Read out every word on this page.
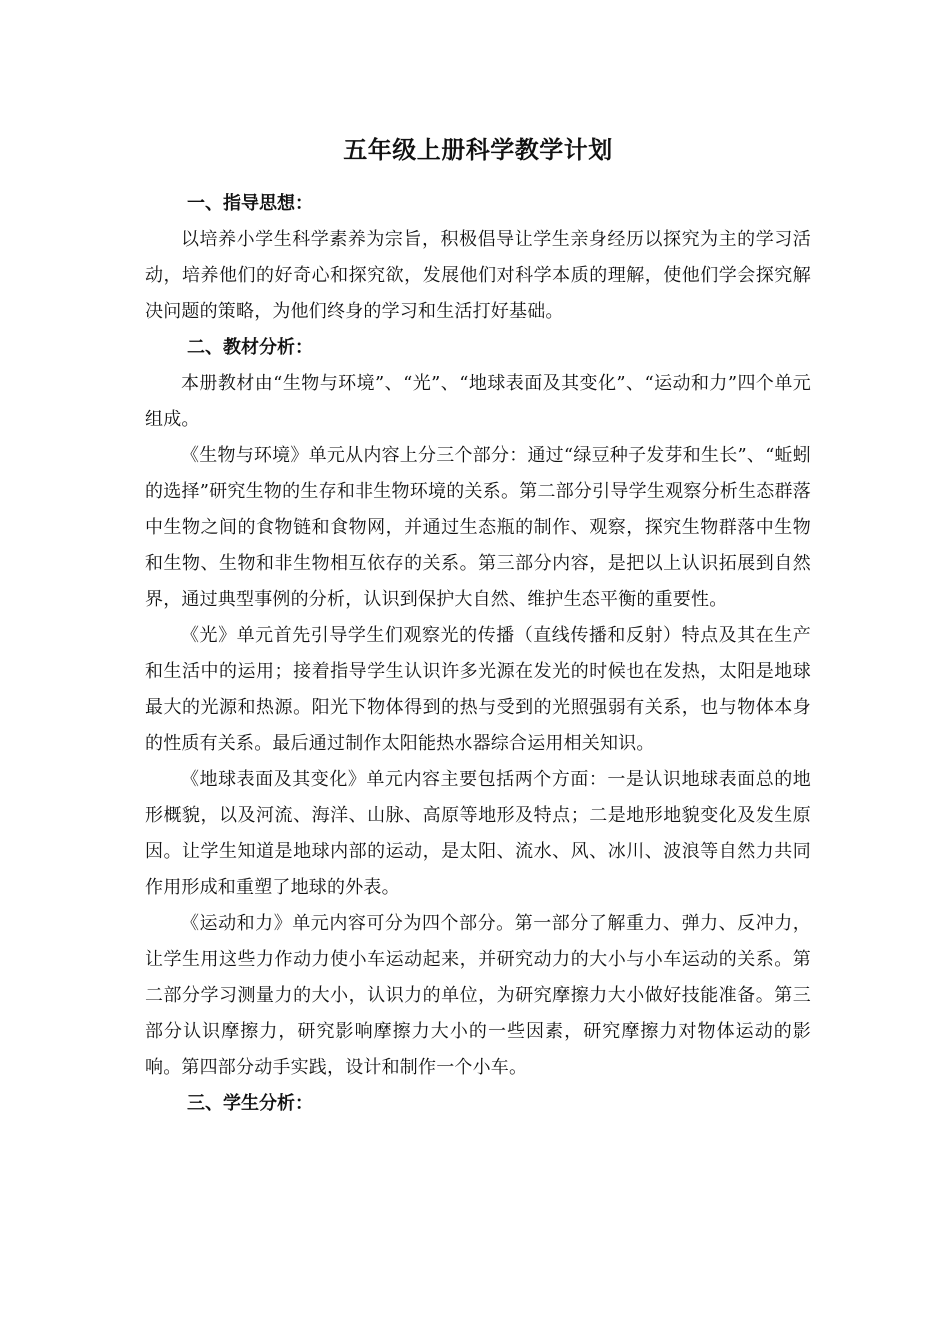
五年级上册科学教学计划
一、指导思想：

以培养小学生科学素养为宗旨，积极倡导让学生亲身经历以探究为主的学习活动，培养他们的好奇心和探究欲，发展他们对科学本质的理解，使他们学会探究解决问题的策略，为他们终身的学习和生活打好基础。

二、教材分析：

本册教材由“生物与环境”、“光”、“地球表面及其变化”、“运动和力”四个单元组成。

《生物与环境》单元从内容上分三个部分：通过“绿豆种子发芽和生长”、“蚯蚓的选择”研究生物的生存和非生物环境的关系。第二部分引导学生观察分析生态群落中生物之间的食物链和食物网，并通过生态瓶的制作、观察，探究生物群落中生物和生物、生物和非生物相互依存的关系。第三部分内容，是把以上认识拓展到自然界，通过典型事例的分析，认识到保护大自然、维护生态平衡的重要性。

《光》单元首先引导学生们观察光的传播（直线传播和反射）特点及其在生产和生活中的运用；接着指导学生认识许多光源在发光的时候也在发热，太阳是地球最大的光源和热源。阳光下物体得到的热与受到的光照强弱有关系，也与物体本身的性质有关系。最后通过制作太阳能热水器综合运用相关知识。

《地球表面及其变化》单元内容主要包括两个方面：一是认识地球表面总的地形概貌，以及河流、海洋、山脉、高原等地形及特点；二是地形地貌变化及发生原因。让学生知道是地球内部的运动，是太阳、流水、风、冰川、波浪等自然力共同作用形成和重塑了地球的外表。

《运动和力》单元内容可分为四个部分。第一部分了解重力、弹力、反冲力，让学生用这些力作动力使小车运动起来，并研究动力的大小与小车运动的关系。第二部分学习测量力的大小，认识力的单位，为研究摩擦力大小做好技能准备。第三部分认识摩擦力，研究影响摩擦力大小的一些因素，研究摩擦力对物体运动的影响。第四部分动手实践，设计和制作一个小车。

三、学生分析：
